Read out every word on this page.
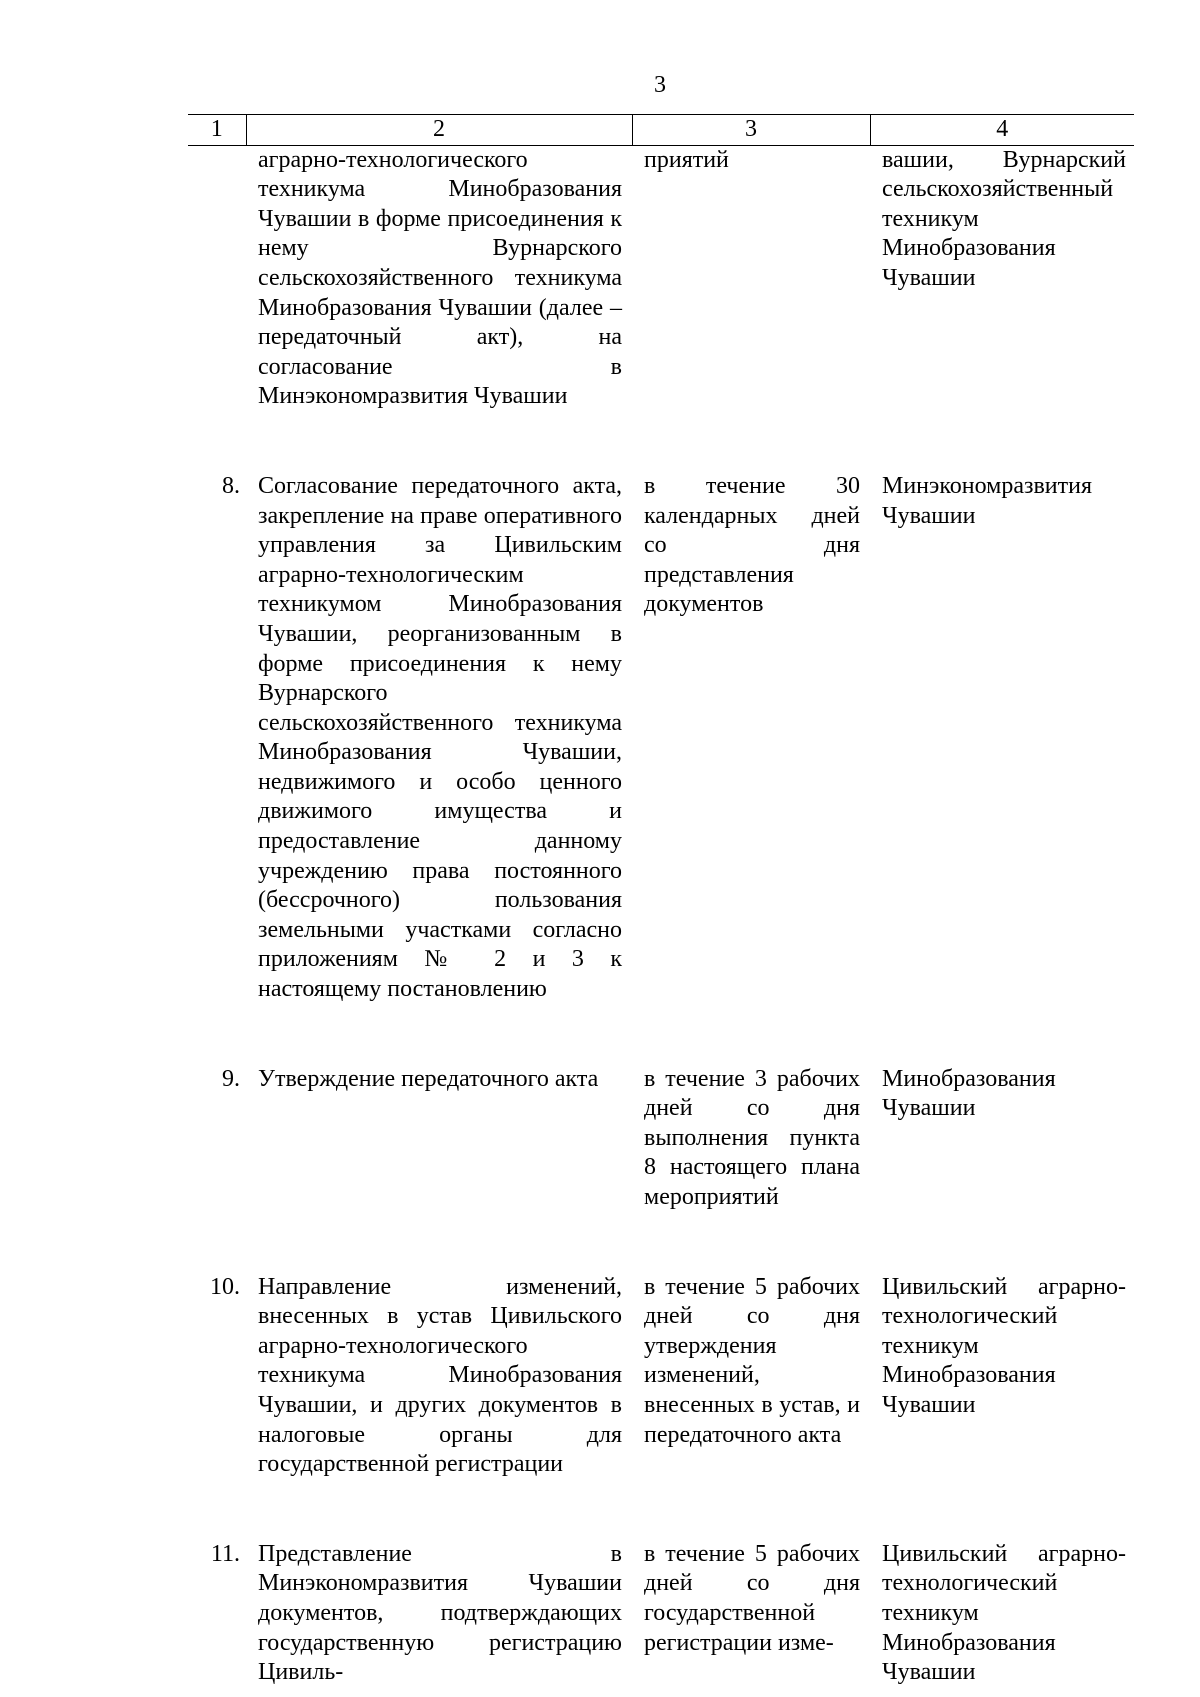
3
1	2	3	4
	аграрно-технологического техникума Минобразования Чувашии в форме присоединения к нему Вурнарского сельскохозяйственного техникума Минобразования Чувашии (далее – передаточный акт), на согласование в Минэкономразвития Чувашии	приятий	вашии, Вурнарский сельскохозяйственный техникум Минобразования Чувашии

8.	Согласование передаточного акта, закрепление на праве оперативного управления за Цивильским аграрно-технологическим техникумом Минобразования Чувашии, реорганизованным в форме присоединения к нему Вурнарского сельскохозяйственного техникума Минобразования Чувашии, недвижимого и особо ценного движимого имущества и предоставление данному учреждению права постоянного (бессрочного) пользования земельными участками согласно приложениям № 2 и 3 к настоящему постановлению	в течение 30 календарных дней со дня представления документов	Минэкономразвития Чувашии

9.	Утверждение передаточного акта	в течение 3 рабочих дней со дня выполнения пункта 8 настоящего плана мероприятий	Минобразования Чувашии

10.	Направление изменений, внесенных в устав Цивильского аграрно-технологического техникума Минобразования Чувашии, и других документов в налоговые органы для государственной регистрации	в течение 5 рабочих дней со дня утверждения изменений, внесенных в устав, и передаточного акта	Цивильский аграрно-технологический техникум Минобразования Чувашии

11.	Представление в Минэкономразвития Чувашии документов, подтверждающих государственную регистрацию Цивиль-	в течение 5 рабочих дней со дня государственной регистрации изме-	Цивильский аграрно-технологический техникум Минобразования Чувашии
